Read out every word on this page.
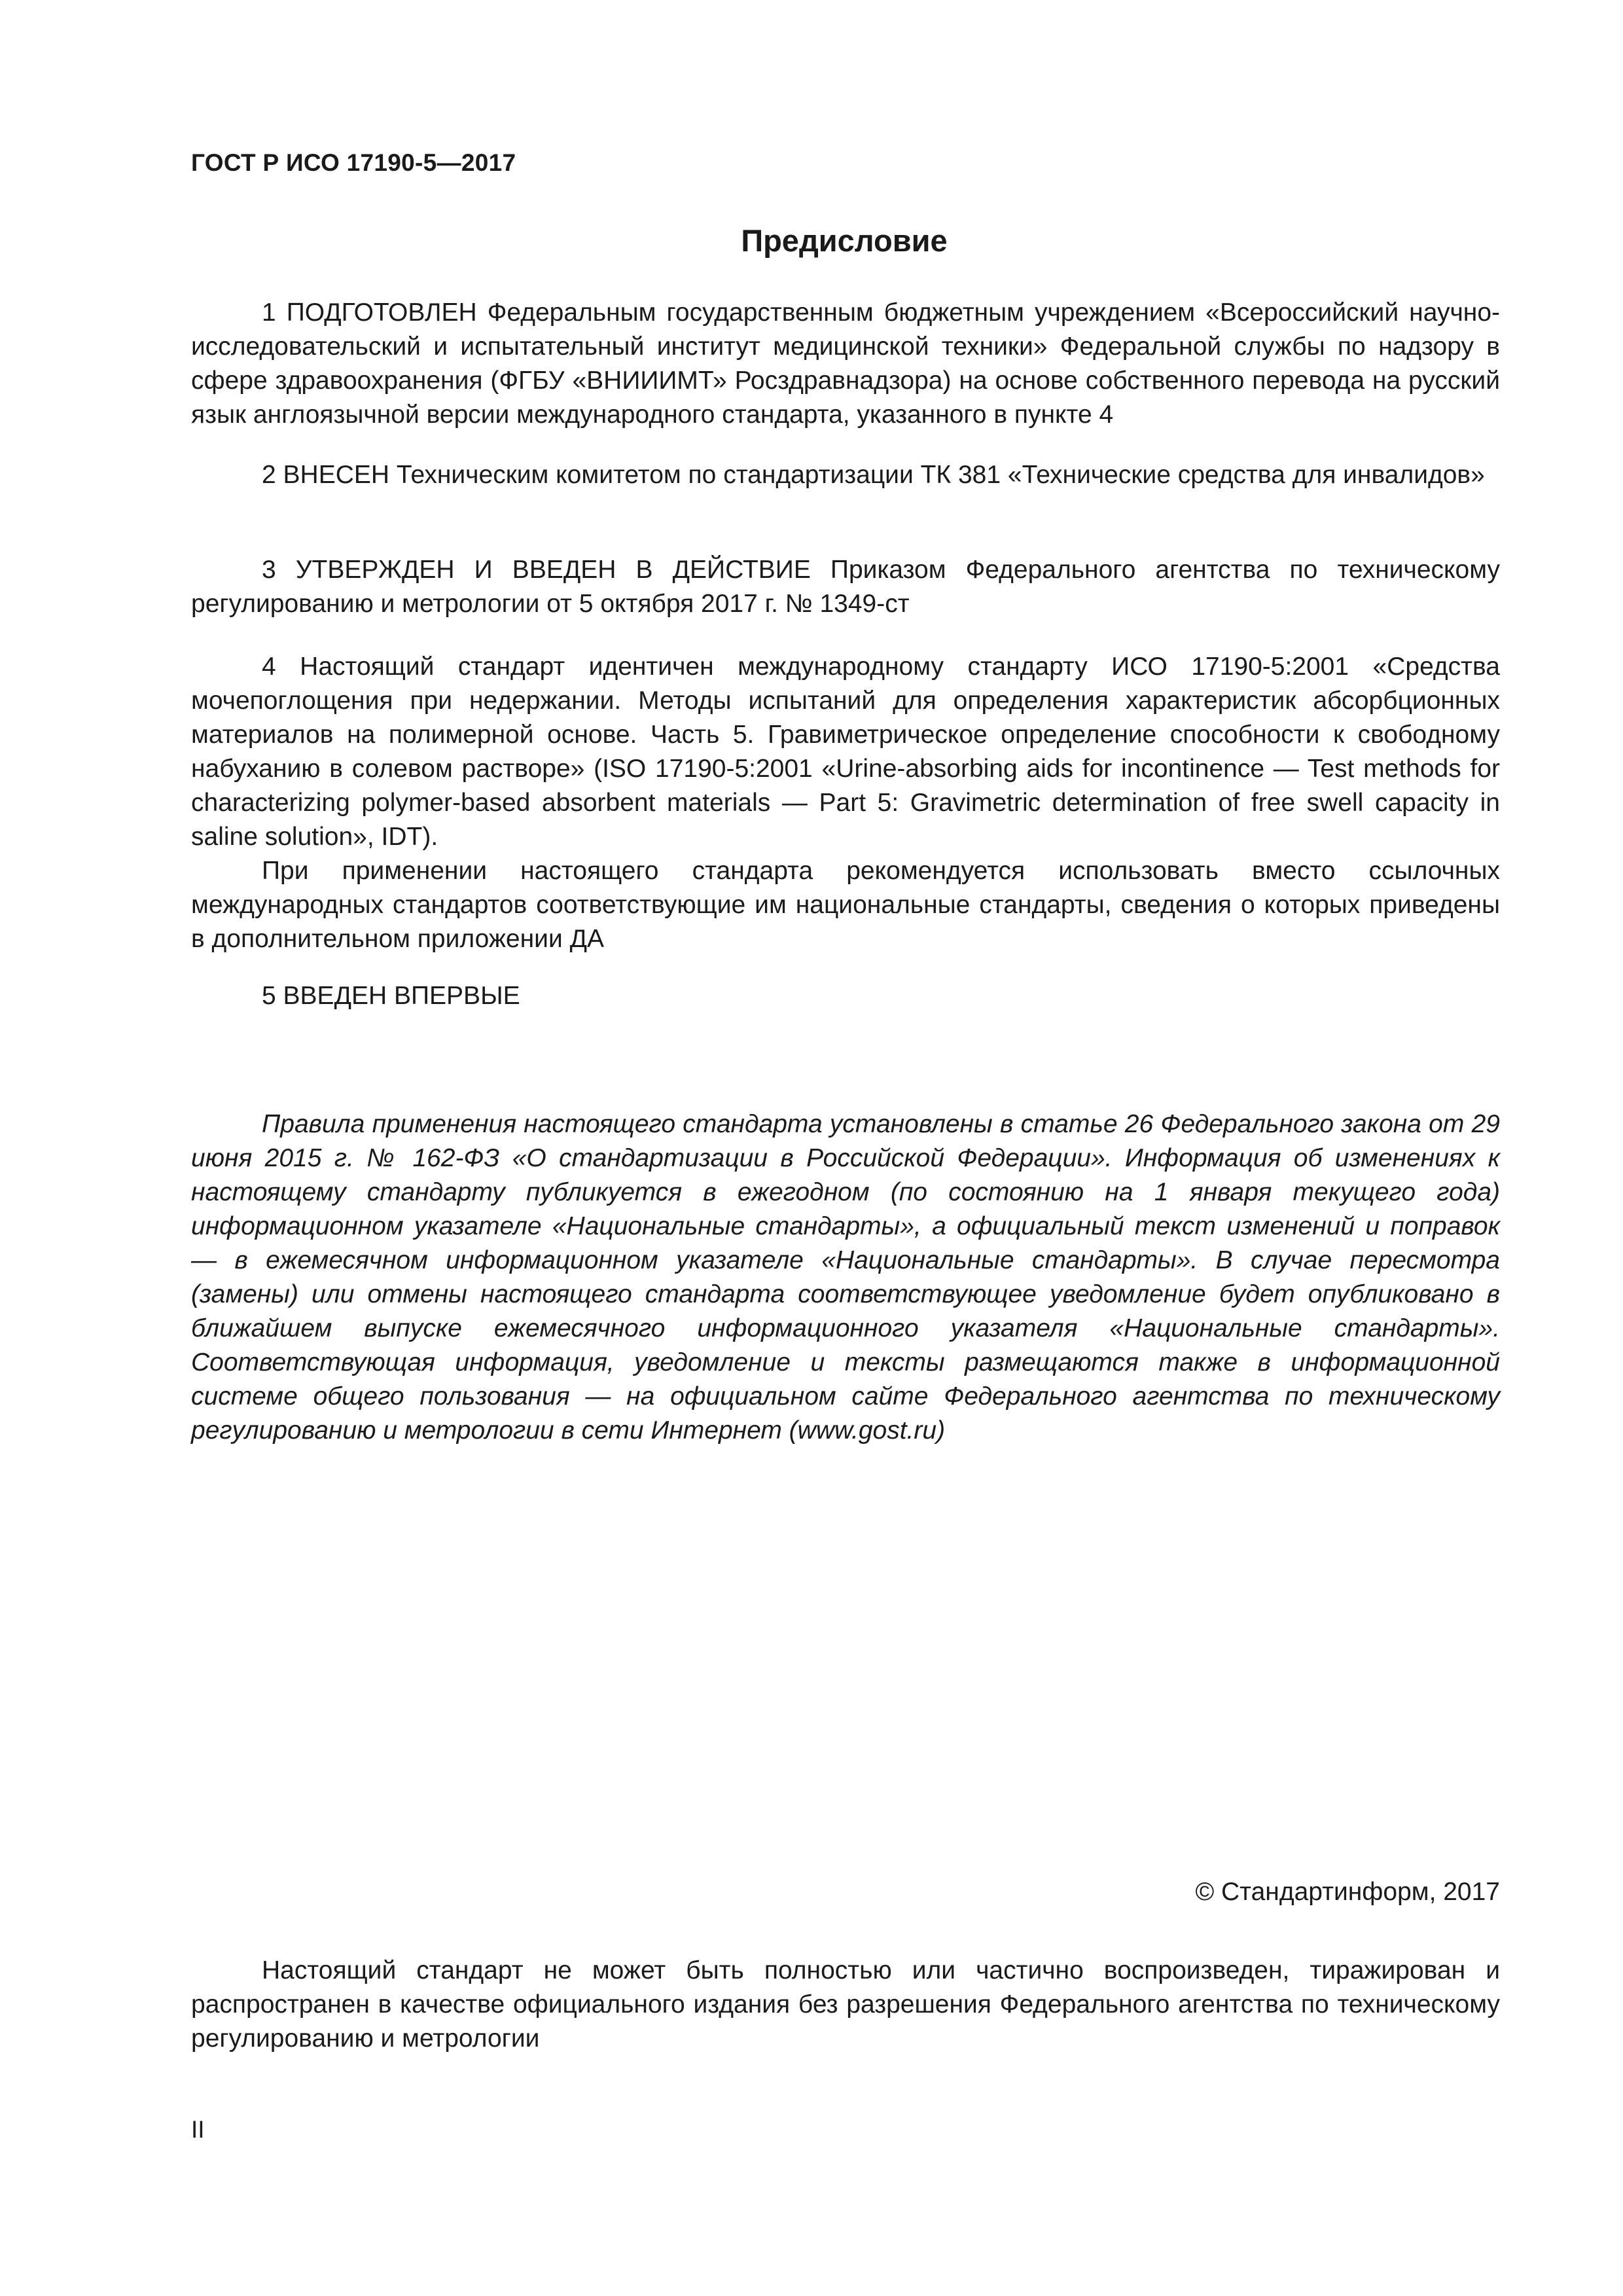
ГОСТ Р ИСО 17190-5—2017
Предисловие

1 ПОДГОТОВЛЕН Федеральным государственным бюджетным учреждением «Всероссийский научно-исследовательский и испытательный институт медицинской техники» Федеральной службы по надзору в сфере здравоохранения (ФГБУ «ВНИИИМТ» Росздравнадзора) на основе собственного перевода на русский язык англоязычной версии международного стандарта, указанного в пункте 4

2 ВНЕСЕН Техническим комитетом по стандартизации ТК 381 «Технические средства для инвалидов»

3 УТВЕРЖДЕН И ВВЕДЕН В ДЕЙСТВИЕ Приказом Федерального агентства по техническому регулированию и метрологии от 5 октября 2017 г. № 1349-ст

4 Настоящий стандарт идентичен международному стандарту ИСО 17190-5:2001 «Средства мочепоглощения при недержании. Методы испытаний для определения характеристик абсорбционных материалов на полимерной основе. Часть 5. Гравиметрическое определение способности к свободному набуханию в солевом растворе» (ISO 17190-5:2001 «Urine-absorbing aids for incontinence — Test methods for characterizing polymer-based absorbent materials — Part 5: Gravimetric determination of free swell capacity in saline solution», IDT).

При применении настоящего стандарта рекомендуется использовать вместо ссылочных международных стандартов соответствующие им национальные стандарты, сведения о которых приведены в дополнительном приложении ДА

5 ВВЕДЕН ВПЕРВЫЕ

Правила применения настоящего стандарта установлены в статье 26 Федерального закона от 29 июня 2015 г. № 162-ФЗ «О стандартизации в Российской Федерации». Информация об изменениях к настоящему стандарту публикуется в ежегодном (по состоянию на 1 января текущего года) информационном указателе «Национальные стандарты», а официальный текст изменений и поправок — в ежемесячном информационном указателе «Национальные стандарты». В случае пересмотра (замены) или отмены настоящего стандарта соответствующее уведомление будет опубликовано в ближайшем выпуске ежемесячного информационного указателя «Национальные стандарты». Соответствующая информация, уведомление и тексты размещаются также в информационной системе общего пользования — на официальном сайте Федерального агентства по техническому регулированию и метрологии в сети Интернет (www.gost.ru)

© Стандартинформ, 2017

Настоящий стандарт не может быть полностью или частично воспроизведен, тиражирован и распространен в качестве официального издания без разрешения Федерального агентства по техническому регулированию и метрологии

II
